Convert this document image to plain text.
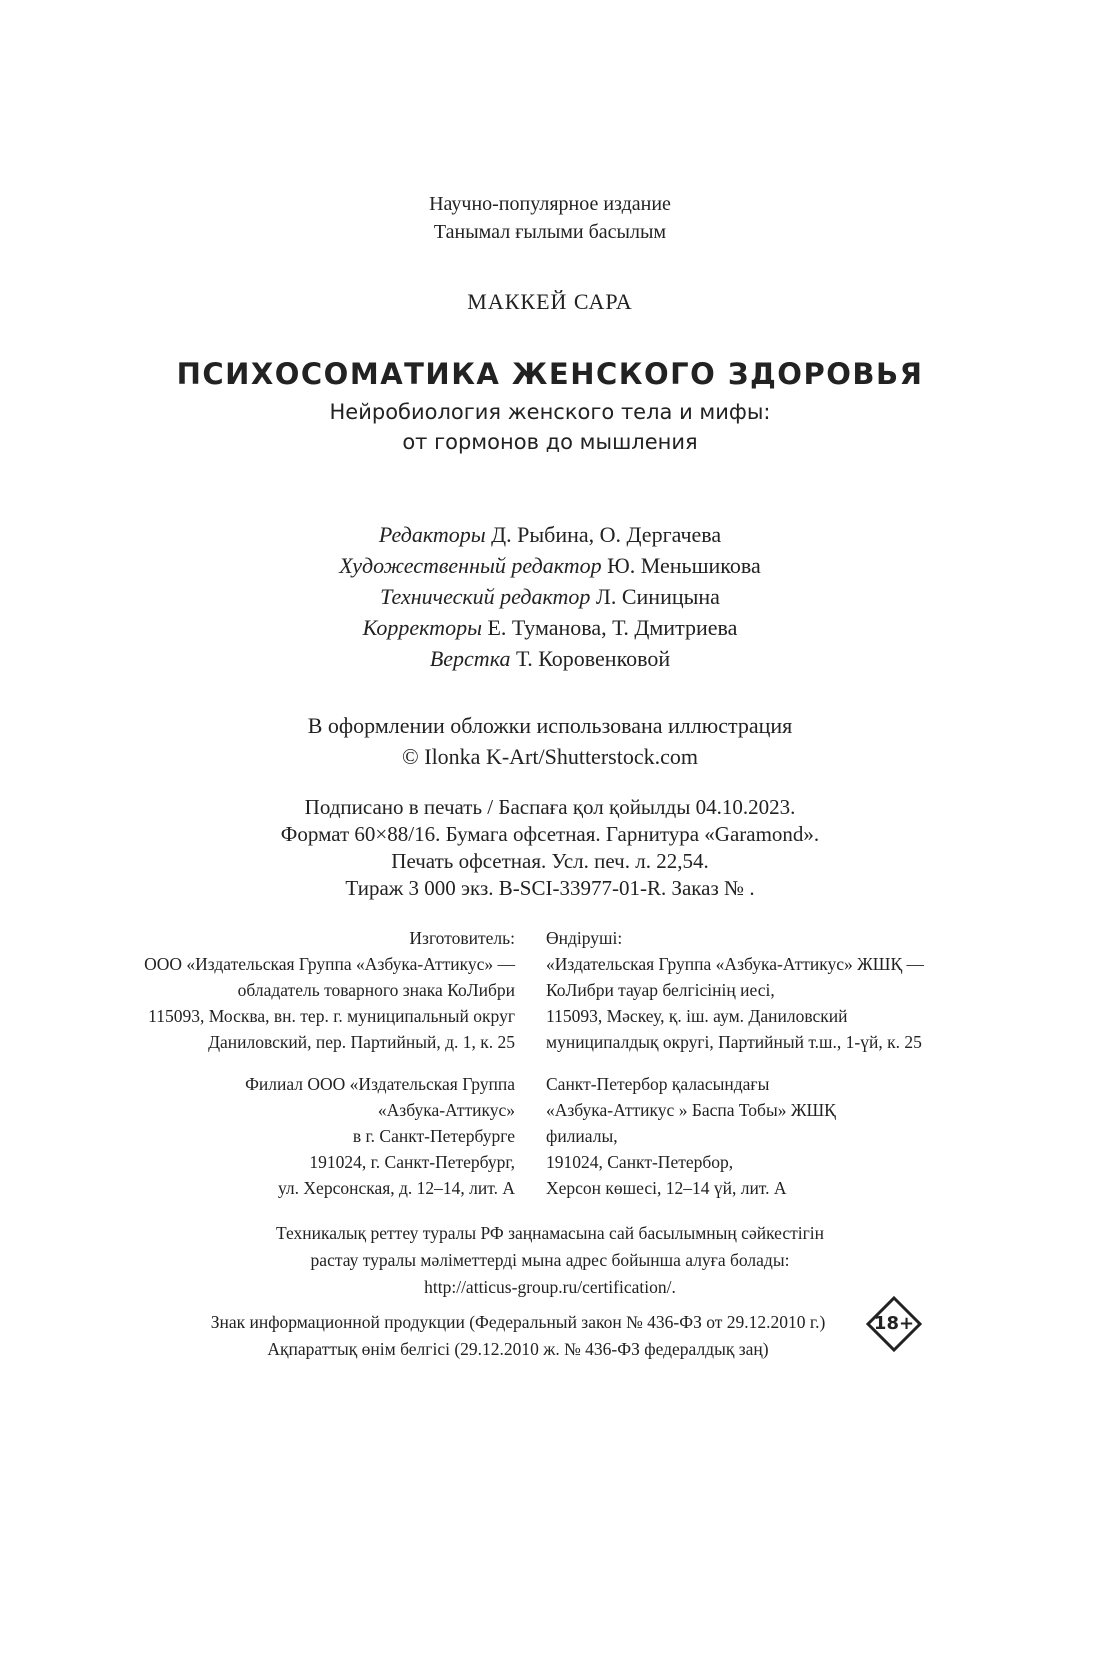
Научно-популярное издание
Танымал ғылыми басылым
МАККЕЙ САРА
ПСИХОСОМАТИКА ЖЕНСКОГО ЗДОРОВЬЯ
Нейробиология женского тела и мифы:
от гормонов до мышления
Редакторы Д. Рыбина, О. Дергачева
Художественный редактор Ю. Меньшикова
Технический редактор Л. Синицына
Корректоры Е. Туманова, Т. Дмитриева
Верстка Т. Коровенковой
В оформлении обложки использована иллюстрация
© Ilonka K-Art/Shutterstock.com
Подписано в печать / Баспаға қол қойылды 04.10.2023.
Формат 60×88/16. Бумага офсетная. Гарнитура «Garamond».
Печать офсетная. Усл. печ. л. 22,54.
Тираж 3 000 экз. B-SCI-33977-01-R. Заказ № .
Изготовитель:
ООО «Издательская Группа «Азбука-Аттикус» —
обладатель товарного знака КоЛибри
115093, Москва, вн. тер. г. муниципальный округ
Даниловский, пер. Партийный, д. 1, к. 25
Өндіруші:
«Издательская Группа «Азбука-Аттикус» ЖШҚ —
КоЛибри тауар белгісінің иесі,
115093, Мәскеу, қ. іш. аум. Даниловский
муниципалдық округі, Партийный т.ш., 1-үй, к. 25
Филиал ООО «Издательская Группа
«Азбука-Аттикус»
в г. Санкт-Петербурге
191024, г. Санкт-Петербург,
ул. Херсонская, д. 12–14, лит. А
Санкт-Петербор қаласындағы
«Азбука-Аттикус » Баспа Тобы» ЖШҚ
филиалы,
191024, Санкт-Петербор,
Херсон көшесі, 12–14 үй, лит. А
Техникалық реттеу туралы РФ заңнамасына сай басылымның сәйкестігін
растау туралы мәліметтерді мына адрес бойынша алуға болады:
http://atticus-group.ru/certification/.
Знак информационной продукции (Федеральный закон № 436-ФЗ от 29.12.2010 г.)
Ақпараттық өнім белгісі (29.12.2010 ж. № 436-ФЗ федералдық заң)
18+
